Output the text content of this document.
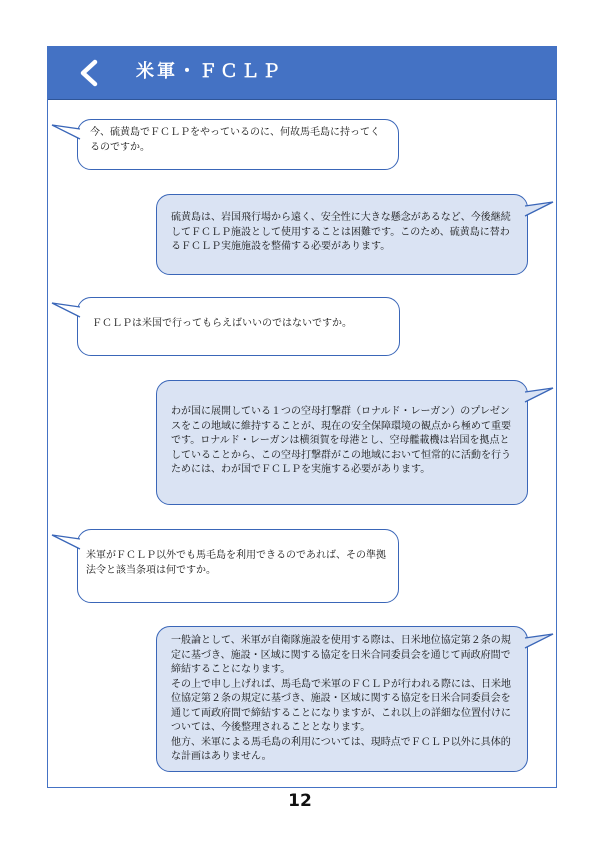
米軍・ＦＣＬＰ
今、硫黄島でＦＣＬＰをやっているのに、何故馬毛島に持ってくるのですか。
硫黄島は、岩国飛行場から遠く、安全性に大きな懸念があるなど、今後継続してＦＣＬＰ施設として使用することは困難です。このため、硫黄島に替わるＦＣＬＰ実施施設を整備する必要があります。
ＦＣＬＰは米国で行ってもらえばいいのではないですか。
わが国に展開している１つの空母打撃群（ロナルド・レーガン）のプレゼンスをこの地域に維持することが、現在の安全保障環境の観点から極めて重要です。ロナルド・レーガンは横須賀を母港とし、空母艦載機は岩国を拠点としていることから、この空母打撃群がこの地域において恒常的に活動を行うためには、わが国でＦＣＬＰを実施する必要があります。
米軍がＦＣＬＰ以外でも馬毛島を利用できるのであれば、その準拠法令と該当条項は何ですか。
一般論として、米軍が自衛隊施設を使用する際は、日米地位協定第２条の規定に基づき、施設・区域に関する協定を日米合同委員会を通じて両政府間で締結することになります。
その上で申し上げれば、馬毛島で米軍のＦＣＬＰが行われる際には、日米地位協定第２条の規定に基づき、施設・区域に関する協定を日米合同委員会を通じて両政府間で締結することになりますが、これ以上の詳細な位置付けについては、今後整理されることとなります。
他方、米軍による馬毛島の利用については、現時点でＦＣＬＰ以外に具体的な計画はありません。
12
